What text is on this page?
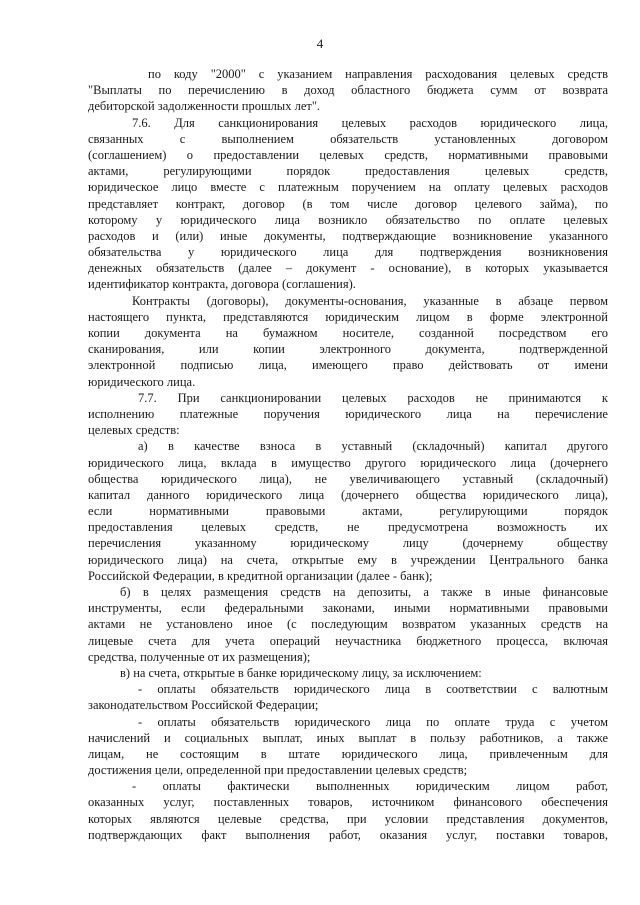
4
по коду "2000" с указанием направления расходования целевых средств
"Выплаты по перечислению в доход областного бюджета сумм от возврата
дебиторской задолженности прошлых лет".
7.6. Для санкционирования целевых расходов юридического лица,
связанных с выполнением обязательств установленных договором
(соглашением) о предоставлении целевых средств, нормативными правовыми
актами, регулирующими порядок предоставления целевых средств,
юридическое лицо вместе с платежным поручением на оплату целевых расходов
представляет контракт, договор (в том числе договор целевого займа), по
которому у юридического лица возникло обязательство по оплате целевых
расходов и (или) иные документы, подтверждающие возникновение указанного
обязательства у юридического лица для подтверждения возникновения
денежных обязательств (далее – документ - основание), в которых указывается
идентификатор контракта, договора (соглашения).
Контракты (договоры), документы-основания, указанные в абзаце первом
настоящего пункта, представляются юридическим лицом в форме электронной
копии документа на бумажном носителе, созданной посредством его
сканирования, или копии электронного документа, подтвержденной
электронной подписью лица, имеющего право действовать от имени
юридического лица.
7.7. При санкционировании целевых расходов не принимаются к
исполнению платежные поручения юридического лица на перечисление
целевых средств:
а) в качестве взноса в уставный (складочный) капитал другого
юридического лица, вклада в имущество другого юридического лица (дочернего
общества юридического лица), не увеличивающего уставный (складочный)
капитал данного юридического лица (дочернего общества юридического лица),
если нормативными правовыми актами, регулирующими порядок
предоставления целевых средств, не предусмотрена возможность их
перечисления указанному юридическому лицу (дочернему обществу
юридического лица) на счета, открытые ему в учреждении Центрального банка
Российской Федерации, в кредитной организации (далее - банк);
б) в целях размещения средств на депозиты, а также в иные финансовые
инструменты, если федеральными законами, иными нормативными правовыми
актами не установлено иное (с последующим возвратом указанных средств на
лицевые счета для учета операций неучастника бюджетного процесса, включая
средства, полученные от их размещения);
в) на счета, открытые в банке юридическому лицу, за исключением:
- оплаты обязательств юридического лица в соответствии с валютным
законодательством Российской Федерации;
- оплаты обязательств юридического лица по оплате труда с учетом
начислений и социальных выплат, иных выплат в пользу работников, а также
лицам, не состоящим в штате юридического лица, привлеченным для
достижения цели, определенной при предоставлении целевых средств;
- оплаты фактически выполненных юридическим лицом работ,
оказанных услуг, поставленных товаров, источником финансового обеспечения
которых являются целевые средства, при условии представления документов,
подтверждающих факт выполнения работ, оказания услуг, поставки товаров,
